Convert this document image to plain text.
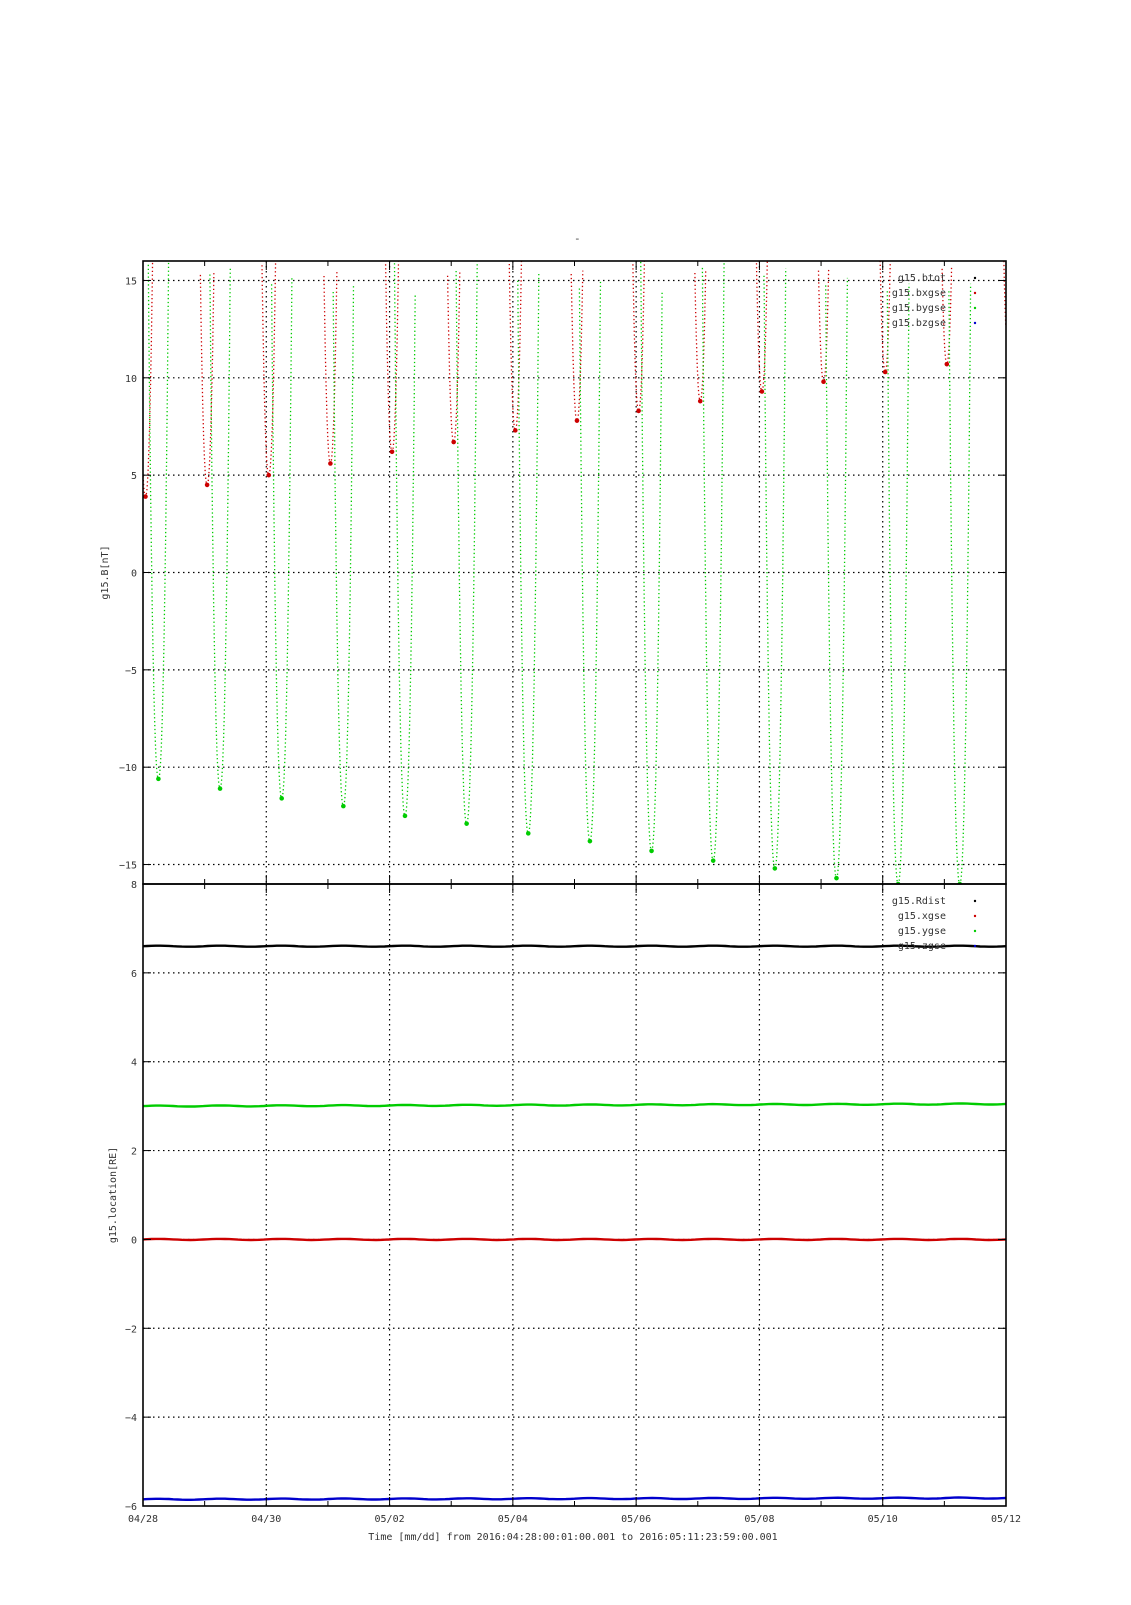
-
15
10
5
0
−5
−10
−15
g15.B[nT]
g15.btot
g15.bxgse
g15.bygse
g15.bzgse
8
6
4
2
0
−2
−4
−6
g15.location[RE]
g15.Rdist
g15.xgse
g15.ygse
g15.zgse
04/28	04/30	05/02	05/04	05/06	05/08	05/10	05/12
Time [mm/dd] from 2016:04:28:00:01:00.001 to 2016:05:11:23:59:00.001
